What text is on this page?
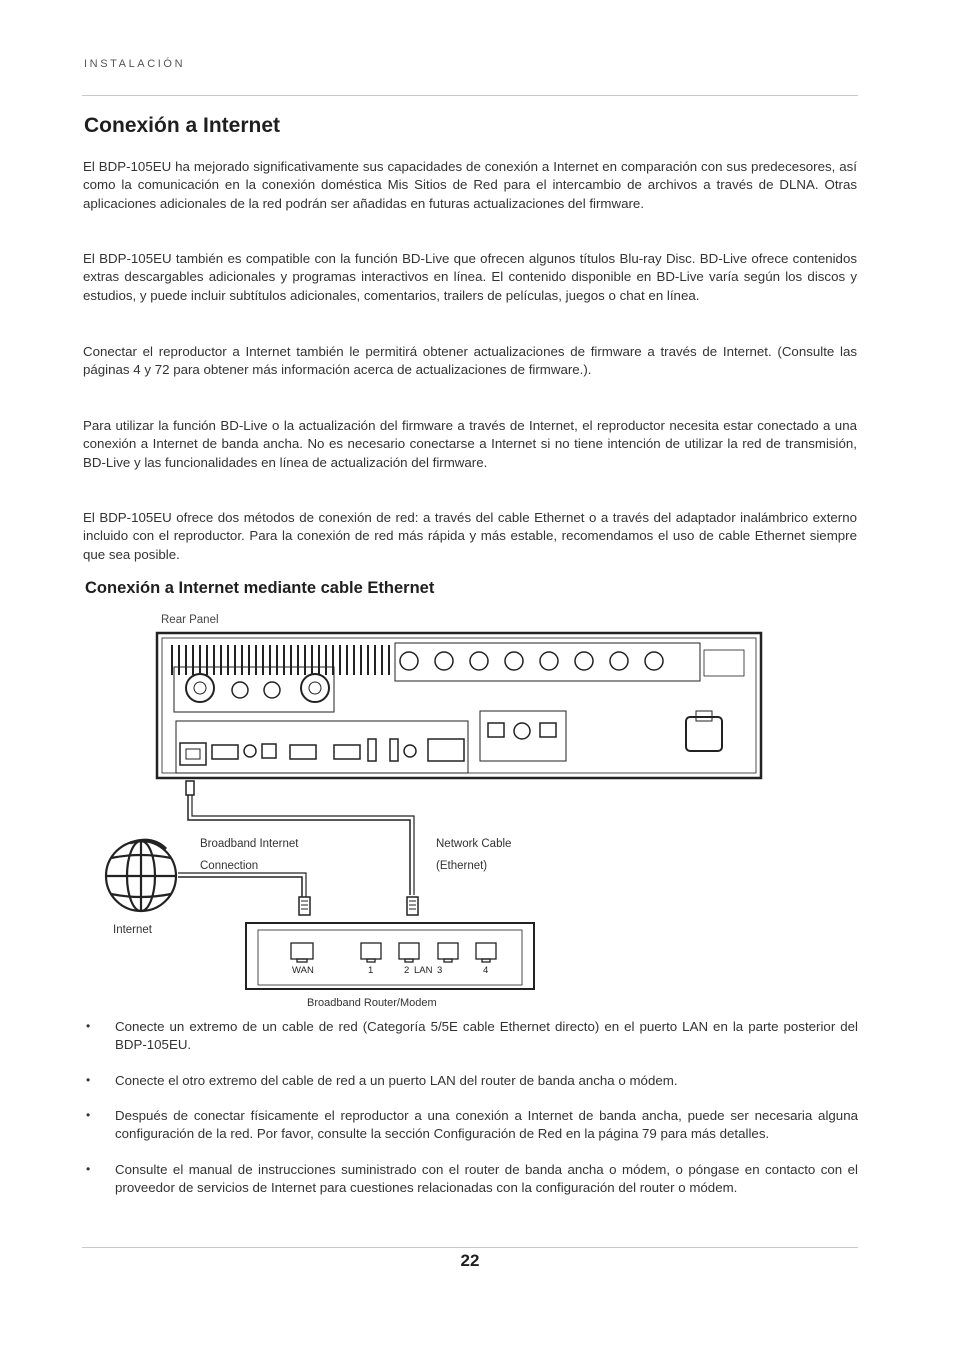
INSTALACIÓN
Conexión a Internet

El BDP-105EU ha mejorado significativamente sus capacidades de conexión a Internet en comparación con sus predecesores, así como la comunicación en la conexión doméstica Mis Sitios de Red para el intercambio de archivos a través de DLNA. Otras aplicaciones adicionales de la red podrán ser añadidas en futuras actualizaciones del firmware.

El BDP-105EU también es compatible con la función BD-Live que ofrecen algunos títulos Blu-ray Disc. BD-Live ofrece contenidos extras descargables adicionales y programas interactivos en línea. El contenido disponible en BD-Live varía según los discos y estudios, y puede incluir subtítulos adicionales, comentarios, trailers de películas, juegos o chat en línea.

Conectar el reproductor a Internet también le permitirá obtener actualizaciones de firmware a través de Internet. (Consulte las páginas 4 y 72 para obtener más información acerca de actualizaciones de firmware.).

Para utilizar la función BD-Live o la actualización del firmware a través de Internet, el reproductor necesita estar conectado a una conexión a Internet de banda ancha. No es necesario conectarse a Internet si no tiene intención de utilizar la red de transmisión, BD-Live y las funcionalidades en línea de actualización del firmware.

El BDP-105EU ofrece dos métodos de conexión de red: a través del cable Ethernet o a través del adaptador inalámbrico externo incluido con el reproductor. Para la conexión de red más rápida y más estable, recomendamos el uso de cable Ethernet siempre que sea posible.

Conexión a Internet mediante cable Ethernet
Rear Panel
Broadband Internet
Connection
Network Cable
(Ethernet)
Internet
WAN	1	2 LAN 3	4
Broadband Router/Modem
• Conecte un extremo de un cable de red (Categoría 5/5E cable Ethernet directo) en el puerto LAN en la parte posterior del BDP-105EU.
• Conecte el otro extremo del cable de red a un puerto LAN del router de banda ancha o módem.
• Después de conectar físicamente el reproductor a una conexión a Internet de banda ancha, puede ser necesaria alguna configuración de la red. Por favor, consulte la sección Configuración de Red en la página 79 para más detalles.
• Consulte el manual de instrucciones suministrado con el router de banda ancha o módem, o póngase en contacto con el proveedor de servicios de Internet para cuestiones relacionadas con la configuración del router o módem.
22
